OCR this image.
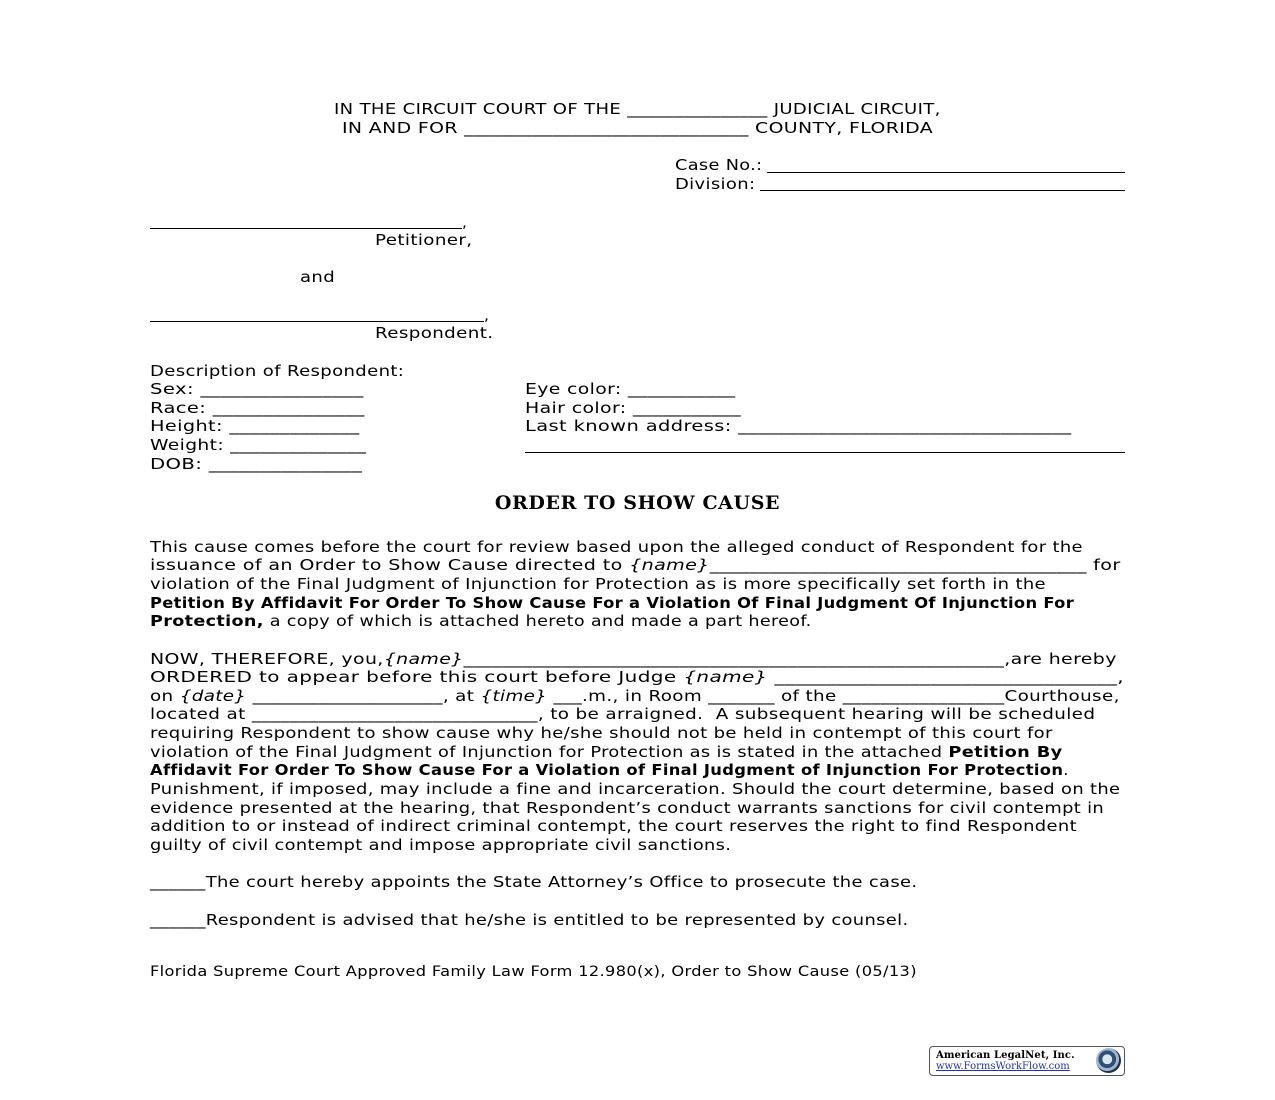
IN THE CIRCUIT COURT OF THE _______________ JUDICIAL CIRCUIT,
IN AND FOR _____________________________ COUNTY, FLORIDA
Case No.:
Division:
,
Petitioner,
and
,
Respondent.
Description of Respondent:
Sex: ________________
Race: _______________
Height: _____________
Weight: ______________
DOB: _______________
Eye color: ___________
Hair color: ___________
Last known address: _________________________________
ORDER TO SHOW CAUSE
This cause comes before the court for review based upon the alleged conduct of Respondent for the
issuance of an Order to Show Cause directed to {name}______________________________________ for
violation of the Final Judgment of Injunction for Protection as is more specifically set forth in the
Petition By Affidavit For Order To Show Cause For a Violation Of Final Judgment Of Injunction For
Protection, a copy of which is attached hereto and made a part hereof.
NOW, THEREFORE, you,{name}_______________________________________________________,are hereby
ORDERED to appear before this court before Judge {name} _________________________________,
on {date} ____________________, at {time} ___.m., in Room _______ of the _________________Courthouse,
located at ______________________________, to be arraigned.  A subsequent hearing will be scheduled
requiring Respondent to show cause why he/she should not be held in contempt of this court for
violation of the Final Judgment of Injunction for Protection as is stated in the attached Petition By
Affidavit For Order To Show Cause For a Violation of Final Judgment of Injunction For Protection.
Punishment, if imposed, may include a fine and incarceration. Should the court determine, based on the
evidence presented at the hearing, that Respondent’s conduct warrants sanctions for civil contempt in
addition to or instead of indirect criminal contempt, the court reserves the right to find Respondent
guilty of civil contempt and impose appropriate civil sanctions.
______The court hereby appoints the State Attorney’s Office to prosecute the case.
______Respondent is advised that he/she is entitled to be represented by counsel.
Florida Supreme Court Approved Family Law Form 12.980(x), Order to Show Cause (05/13)
American LegalNet, Inc.
www.FormsWorkFlow.com
